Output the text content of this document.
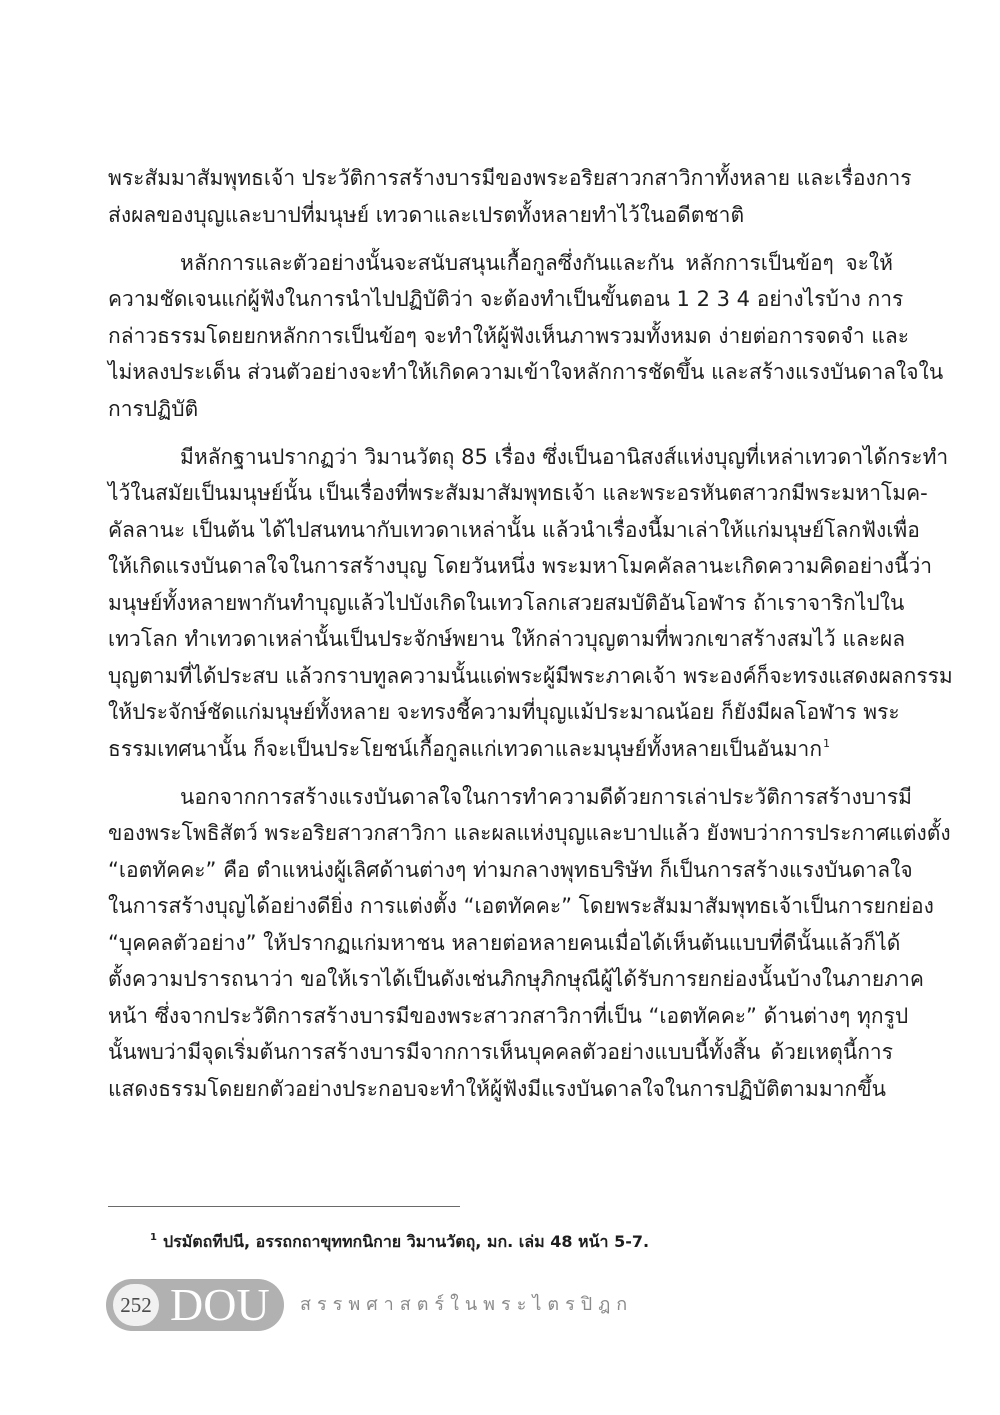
พระสัมมาสัมพุทธเจ้า ประวัติการสร้างบารมีของพระอริยสาวกสาวิกาทั้งหลาย และเรื่องการ
ส่งผลของบุญและบาปที่มนุษย์ เทวดาและเปรตทั้งหลายทำไว้ในอดีตชาติ
หลักการและตัวอย่างนั้นจะสนับสนุนเกื้อกูลซึ่งกันและกัน หลักการเป็นข้อๆ จะให้
ความชัดเจนแก่ผู้ฟังในการนำไปปฏิบัติว่า จะต้องทำเป็นขั้นตอน 1 2 3 4 อย่างไรบ้าง การ
กล่าวธรรมโดยยกหลักการเป็นข้อๆ จะทำให้ผู้ฟังเห็นภาพรวมทั้งหมด ง่ายต่อการจดจำ และ
ไม่หลงประเด็น ส่วนตัวอย่างจะทำให้เกิดความเข้าใจหลักการชัดขึ้น และสร้างแรงบันดาลใจใน
การปฏิบัติ
มีหลักฐานปรากฏว่า วิมานวัตถุ 85 เรื่อง ซึ่งเป็นอานิสงส์แห่งบุญที่เหล่าเทวดาได้กระทำ
ไว้ในสมัยเป็นมนุษย์นั้น เป็นเรื่องที่พระสัมมาสัมพุทธเจ้า และพระอรหันตสาวกมีพระมหาโมค-
คัลลานะ เป็นต้น ได้ไปสนทนากับเทวดาเหล่านั้น แล้วนำเรื่องนี้มาเล่าให้แก่มนุษย์โลกฟังเพื่อ
ให้เกิดแรงบันดาลใจในการสร้างบุญ โดยวันหนึ่ง พระมหาโมคคัลลานะเกิดความคิดอย่างนี้ว่า
มนุษย์ทั้งหลายพากันทำบุญแล้วไปบังเกิดในเทวโลกเสวยสมบัติอันโอฬาร ถ้าเราจาริกไปใน
เทวโลก ทำเทวดาเหล่านั้นเป็นประจักษ์พยาน ให้กล่าวบุญตามที่พวกเขาสร้างสมไว้ และผล
บุญตามที่ได้ประสบ แล้วกราบทูลความนั้นแด่พระผู้มีพระภาคเจ้า พระองค์ก็จะทรงแสดงผลกรรม
ให้ประจักษ์ชัดแก่มนุษย์ทั้งหลาย จะทรงชี้ความที่บุญแม้ประมาณน้อย ก็ยังมีผลโอฬาร พระ
ธรรมเทศนานั้น ก็จะเป็นประโยชน์เกื้อกูลแก่เทวดาและมนุษย์ทั้งหลายเป็นอันมาก$^1$
นอกจากการสร้างแรงบันดาลใจในการทำความดีด้วยการเล่าประวัติการสร้างบารมี
ของพระโพธิสัตว์ พระอริยสาวกสาวิกา และผลแห่งบุญและบาปแล้ว ยังพบว่าการประกาศแต่งตั้ง
“เอตทัคคะ” คือ ตำแหน่งผู้เลิศด้านต่างๆ ท่ามกลางพุทธบริษัท ก็เป็นการสร้างแรงบันดาลใจ
ในการสร้างบุญได้อย่างดียิ่ง การแต่งตั้ง “เอตทัคคะ” โดยพระสัมมาสัมพุทธเจ้าเป็นการยกย่อง
“บุคคลตัวอย่าง” ให้ปรากฏแก่มหาชน หลายต่อหลายคนเมื่อได้เห็นต้นแบบที่ดีนั้นแล้วก็ได้
ตั้งความปรารถนาว่า ขอให้เราได้เป็นดังเช่นภิกษุภิกษุณีผู้ได้รับการยกย่องนั้นบ้างในภายภาค
หน้า ซึ่งจากประวัติการสร้างบารมีของพระสาวกสาวิกาที่เป็น “เอตทัคคะ” ด้านต่างๆ ทุกรูป
นั้นพบว่ามีจุดเริ่มต้นการสร้างบารมีจากการเห็นบุคคลตัวอย่างแบบนี้ทั้งสิ้น ด้วยเหตุนี้การ
แสดงธรรมโดยยกตัวอย่างประกอบจะทำให้ผู้ฟังมีแรงบันดาลใจในการปฏิบัติตามมากขึ้น
$^1$ ปรมัตถทีปนี, อรรถกถาขุททกนิกาย วิมานวัตถุ, มก. เล่ม 48 หน้า 5-7.
252 DOU สรรพศาสตร์ในพระไตรปิฎก
